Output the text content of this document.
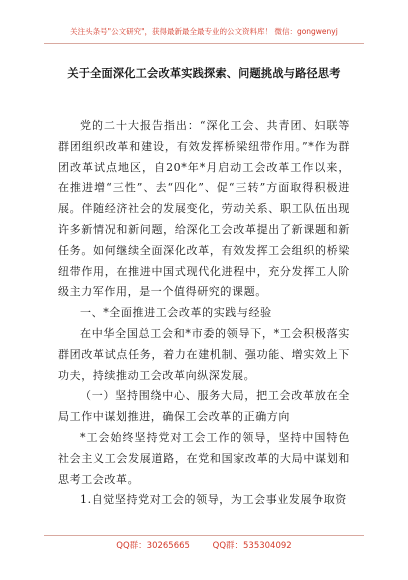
关注头条号"公文研究"，获得最新最全最专业的公文资料库！ 微信：gongwenyj
关于全面深化工会改革实践探索、问题挑战与路径思考

党的二十大报告指出：“深化工会、共青团、妇联等群团组织改革和建设，有效发挥桥梁纽带作用。”*作为群团改革试点地区，自20*年*月启动工会改革工作以来，在推进增“三性”、去“四化”、促“三转”方面取得积极进展。伴随经济社会的发展变化，劳动关系、职工队伍出现许多新情况和新问题，给深化工会改革提出了新课题和新任务。如何继续全面深化改革，有效发挥工会组织的桥梁纽带作用，在推进中国式现代化进程中，充分发挥工人阶级主力军作用，是一个值得研究的课题。

一、*全面推进工会改革的实践与经验

在中华全国总工会和*市委的领导下，*工会积极落实群团改革试点任务，着力在建机制、强功能、增实效上下功夫，持续推动工会改革向纵深发展。

（一）坚持围绕中心、服务大局，把工会改革放在全局工作中谋划推进，确保工会改革的正确方向

*工会始终坚持党对工会工作的领导，坚持中国特色社会主义工会发展道路，在党和国家改革的大局中谋划和思考工会改革。

1.自觉坚持党对工会的领导，为工会事业发展争取资

QQ群：30265665	QQ群：535304092
